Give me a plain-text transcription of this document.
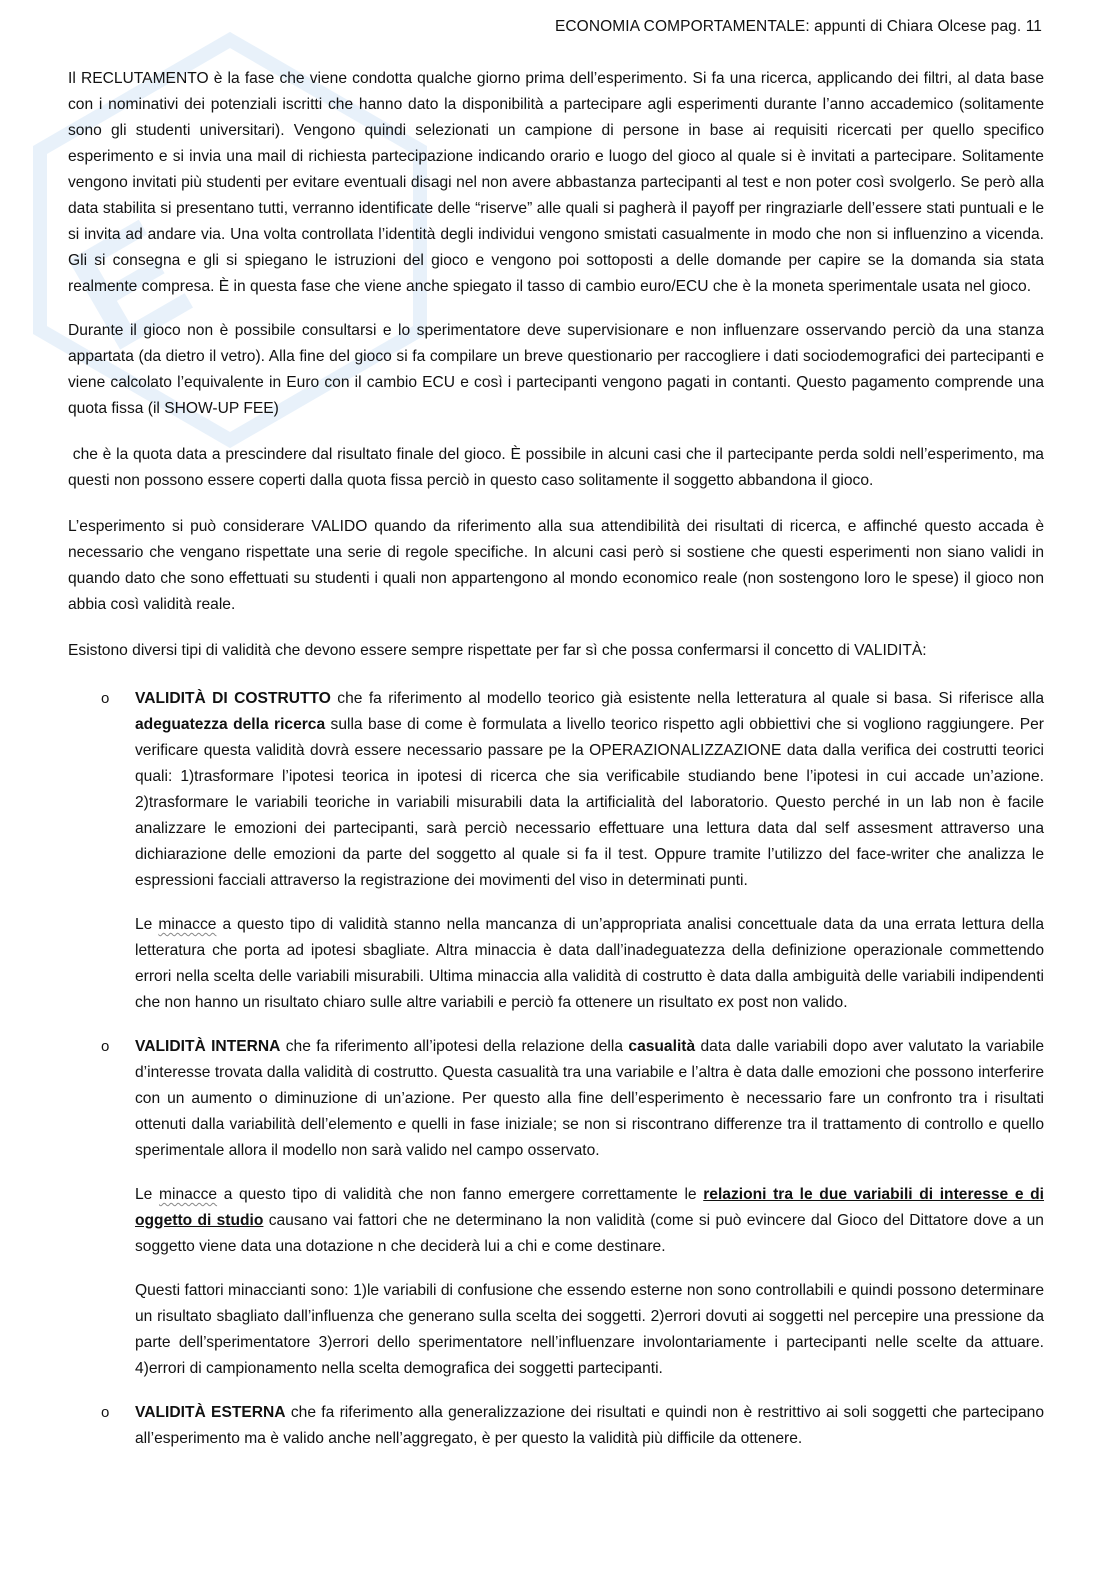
E
ECONOMIA COMPORTAMENTALE: appunti di Chiara Olcese pag. 11

Il RECLUTAMENTO è la fase che viene condotta qualche giorno prima dell’esperimento. Si fa una ricerca, applicando dei filtri, al data base con i nominativi dei potenziali iscritti che hanno dato la disponibilità a partecipare agli esperimenti durante l’anno accademico (solitamente sono gli studenti universitari). Vengono quindi selezionati un campione di persone in base ai requisiti ricercati per quello specifico esperimento e si invia una mail di richiesta partecipazione indicando orario e luogo del gioco al quale si è invitati a partecipare. Solitamente vengono invitati più studenti per evitare eventuali disagi nel non avere abbastanza partecipanti al test e non poter così svolgerlo. Se però alla data stabilita si presentano tutti, verranno identificate delle “riserve” alle quali si pagherà il payoff per ringraziarle dell’essere stati puntuali e le si invita ad andare via. Una volta controllata l’identità degli individui vengono smistati casualmente in modo che non si influenzino a vicenda. Gli si consegna e gli si spiegano le istruzioni del gioco e vengono poi sottoposti a delle domande per capire se la domanda sia stata realmente compresa. È in questa fase che viene anche spiegato il tasso di cambio euro/ECU che è la moneta sperimentale usata nel gioco.

Durante il gioco non è possibile consultarsi e lo sperimentatore deve supervisionare e non influenzare osservando perciò da una stanza appartata (da dietro il vetro). Alla fine del gioco si fa compilare un breve questionario per raccogliere i dati sociodemografici dei partecipanti e viene calcolato l’equivalente in Euro con il cambio ECU e così i partecipanti vengono pagati in contanti. Questo pagamento comprende una quota fissa (il SHOW-UP FEE)

che è la quota data a prescindere dal risultato finale del gioco. È possibile in alcuni casi che il partecipante perda soldi nell’esperimento, ma questi non possono essere coperti dalla quota fissa perciò in questo caso solitamente il soggetto abbandona il gioco.

L’esperimento si può considerare VALIDO quando da riferimento alla sua attendibilità dei risultati di ricerca, e affinché questo accada è necessario che vengano rispettate una serie di regole specifiche. In alcuni casi però si sostiene che questi esperimenti non siano validi in quando dato che sono effettuati su studenti i quali non appartengono al mondo economico reale (non sostengono loro le spese) il gioco non abbia così validità reale.

Esistono diversi tipi di validità che devono essere sempre rispettate per far sì che possa confermarsi il concetto di VALIDITÀ:

o VALIDITÀ DI COSTRUTTO che fa riferimento al modello teorico già esistente nella letteratura al quale si basa. Si riferisce alla adeguatezza della ricerca sulla base di come è formulata a livello teorico rispetto agli obbiettivi che si vogliono raggiungere. Per verificare questa validità dovrà essere necessario passare pe la OPERAZIONALIZZAZIONE data dalla verifica dei costrutti teorici quali: 1)trasformare l’ipotesi teorica in ipotesi di ricerca che sia verificabile studiando bene l’ipotesi in cui accade un’azione. 2)trasformare le variabili teoriche in variabili misurabili data la artificialità del laboratorio. Questo perché in un lab non è facile analizzare le emozioni dei partecipanti, sarà perciò necessario effettuare una lettura data dal self assesment attraverso una dichiarazione delle emozioni da parte del soggetto al quale si fa il test. Oppure tramite l’utilizzo del face-writer che analizza le espressioni facciali attraverso la registrazione dei movimenti del viso in determinati punti.

Le minacce a questo tipo di validità stanno nella mancanza di un’appropriata analisi concettuale data da una errata lettura della letteratura che porta ad ipotesi sbagliate. Altra minaccia è data dall’inadeguatezza della definizione operazionale commettendo errori nella scelta delle variabili misurabili. Ultima minaccia alla validità di costrutto è data dalla ambiguità delle variabili indipendenti che non hanno un risultato chiaro sulle altre variabili e perciò fa ottenere un risultato ex post non valido.

o VALIDITÀ INTERNA che fa riferimento all’ipotesi della relazione della casualità data dalle variabili dopo aver valutato la variabile d’interesse trovata dalla validità di costrutto. Questa casualità tra una variabile e l’altra è data dalle emozioni che possono interferire con un aumento o diminuzione di un’azione. Per questo alla fine dell’esperimento è necessario fare un confronto tra i risultati ottenuti dalla variabilità dell’elemento e quelli in fase iniziale; se non si riscontrano differenze tra il trattamento di controllo e quello sperimentale allora il modello non sarà valido nel campo osservato.

Le minacce a questo tipo di validità che non fanno emergere correttamente le relazioni tra le due variabili di interesse e di oggetto di studio causano vai fattori che ne determinano la non validità (come si può evincere dal Gioco del Dittatore dove a un soggetto viene data una dotazione n che deciderà lui a chi e come destinare.

Questi fattori minaccianti sono: 1)le variabili di confusione che essendo esterne non sono controllabili e quindi possono determinare un risultato sbagliato dall’influenza che generano sulla scelta dei soggetti. 2)errori dovuti ai soggetti nel percepire una pressione da parte dell’sperimentatore 3)errori dello sperimentatore nell’influenzare involontariamente i partecipanti nelle scelte da attuare. 4)errori di campionamento nella scelta demografica dei soggetti partecipanti.

o VALIDITÀ ESTERNA che fa riferimento alla generalizzazione dei risultati e quindi non è restrittivo ai soli soggetti che partecipano all’esperimento ma è valido anche nell’aggregato, è per questo la validità più difficile da ottenere.
